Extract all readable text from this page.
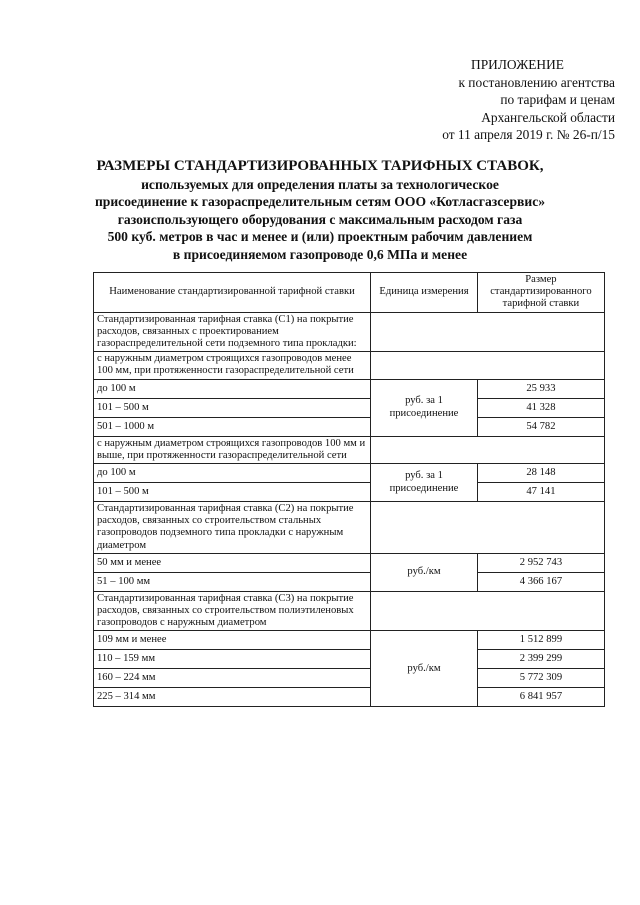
ПРИЛОЖЕНИЕ
к постановлению агентства
по тарифам и ценам
Архангельской области
от 11 апреля 2019 г. № 26-п/15
РАЗМЕРЫ СТАНДАРТИЗИРОВАННЫХ ТАРИФНЫХ СТАВОК,
используемых для определения платы за технологическое
присоединение к газораспределительным сетям ООО «Котласгазсервис»
газоиспользующего оборудования с максимальным расходом газа
500 куб. метров в час и менее и (или) проектным рабочим давлением
в присоединяемом газопроводе 0,6 МПа и менее
Наименование стандартизированной тарифной ставки	Единица измерения	Размер стандартизированного тарифной ставки
Стандартизированная тарифная ставка (С1) на покрытие расходов, связанных с проектированием газораспределительной сети подземного типа прокладки:		
с наружным диаметром строящихся газопроводов менее 100 мм, при протяженности газораспределительной сети		
до 100 м	руб. за 1 присоединение	25 933
101 – 500 м		41 328
501 – 1000 м		54 782
с наружным диаметром строящихся газопроводов 100 мм и выше, при протяженности газораспределительной сети		
до 100 м	руб. за 1 присоединение	28 148
101 – 500 м		47 141
Стандартизированная тарифная ставка (С2) на покрытие расходов, связанных со строительством стальных газопроводов подземного типа прокладки с наружным диаметром		
50 мм и менее	руб./км	2 952 743
51 – 100 мм		4 366 167
Стандартизированная тарифная ставка (С3) на покрытие расходов, связанных со строительством полиэтиленовых газопроводов с наружным диаметром		
109 мм и менее	руб./км	1 512 899
110 – 159 мм		2 399 299
160 – 224 мм		5 772 309
225 – 314 мм		6 841 957
